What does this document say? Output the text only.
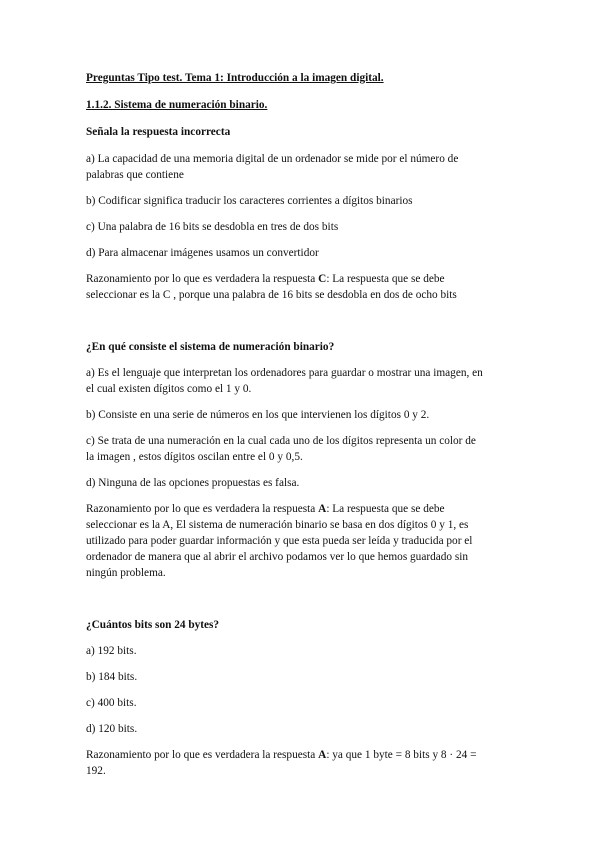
Preguntas Tipo test. Tema 1: Introducción a la imagen digital.
1.1.2. Sistema de numeración binario.
Señala la respuesta incorrecta
a) La capacidad de una memoria digital de un ordenador se mide por el número de
palabras que contiene
b) Codificar significa traducir los caracteres corrientes a dígitos binarios
c) Una palabra de 16 bits se desdobla en tres de dos bits
d) Para almacenar imágenes usamos un convertidor
Razonamiento por lo que es verdadera la respuesta C: La respuesta que se debe
seleccionar es la C , porque una palabra de 16 bits se desdobla en dos de ocho bits
¿En qué consiste el sistema de numeración binario?
a) Es el lenguaje que interpretan los ordenadores para guardar o mostrar una imagen, en
el cual existen dígitos como el 1 y 0.
b) Consiste en una serie de números en los que intervienen los dígitos 0 y 2.
c) Se trata de una numeración en la cual cada uno de los dígitos representa un color de
la imagen , estos dígitos oscilan entre el 0 y 0,5.
d) Ninguna de las opciones propuestas es falsa.
Razonamiento por lo que es verdadera la respuesta A: La respuesta que se debe
seleccionar es la A, El sistema de numeración binario se basa en dos dígitos 0 y 1, es
utilizado para poder guardar información y que esta pueda ser leída y traducida por el
ordenador de manera que al abrir el archivo podamos ver lo que hemos guardado sin
ningún problema.
¿Cuántos bits son 24 bytes?
a) 192 bits.
b) 184 bits.
c) 400 bits.
d) 120 bits.
Razonamiento por lo que es verdadera la respuesta A: ya que 1 byte = 8 bits y 8 · 24 =
192.
